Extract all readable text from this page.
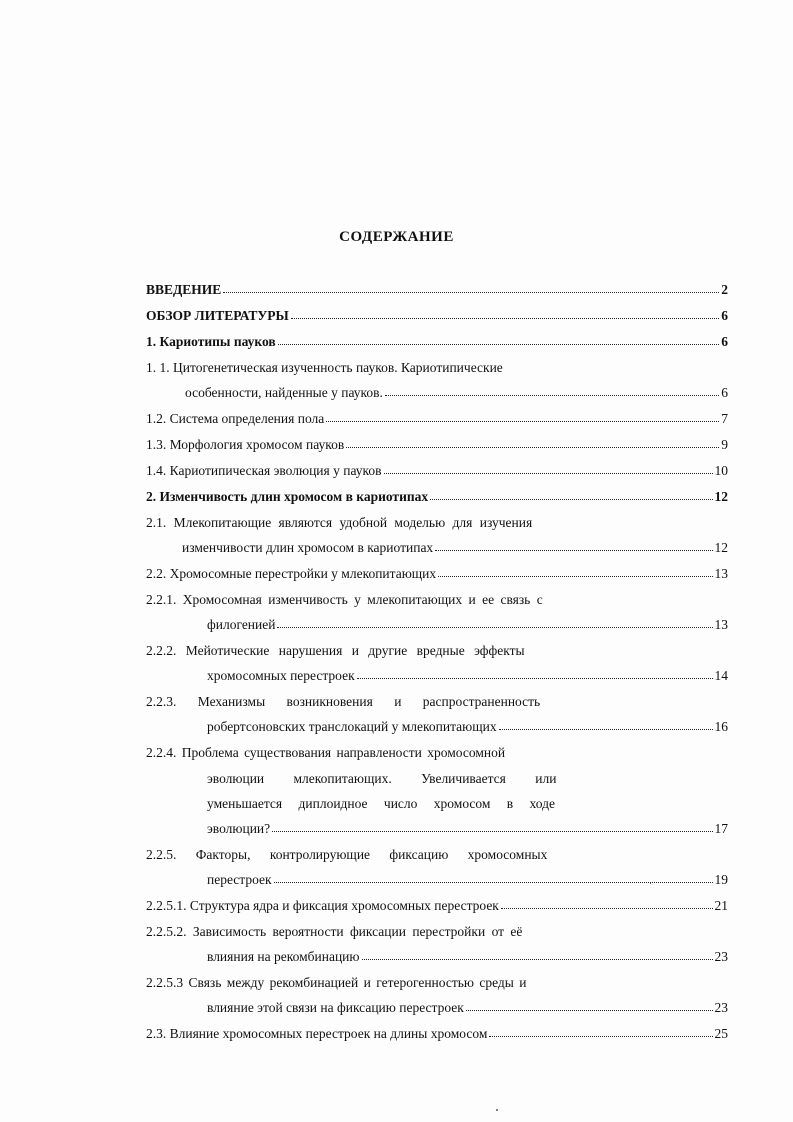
СОДЕРЖАНИЕ
ВВЕДЕНИЕ	2
ОБЗОР ЛИТЕРАТУРЫ	6
1. Кариотипы пауков	6
1. 1. Цитогенетическая изученность пауков. Кариотипические
особенности, найденные у пауков.	6
1.2. Система определения пола	7
1.3. Морфология хромосом пауков	9
1.4. Кариотипическая эволюция у пауков	10
2. Изменчивость длин хромосом в кариотипах	12
2.1. Млекопитающие являются удобной моделью для изучения
изменчивости длин хромосом в кариотипах	12
2.2. Хромосомные перестройки у млекопитающих	13
2.2.1. Хромосомная изменчивость у млекопитающих и ее связь с
филогенией	13
2.2.2. Мейотические нарушения и другие вредные эффекты
хромосомных перестроек	14
2.2.3. Механизмы возникновения и распространенность
робертсоновских транслокаций у млекопитающих	16
2.2.4. Проблема существования направлености хромосомной
эволюции млекопитающих. Увеличивается или
уменьшается диплоидное число хромосом в ходе
эволюции?	17
2.2.5. Факторы, контролирующие фиксацию хромосомных
перестроек	19
2.2.5.1. Структура ядра и фиксация хромосомных перестроек	21
2.2.5.2. Зависимость вероятности фиксации перестройки от её
влияния на рекомбинацию	23
2.2.5.3 Связь между рекомбинацией и гетерогенностью среды и
влияние этой связи на фиксацию перестроек	23
2.3. Влияние хромосомных перестроек на длины хромосом	25
